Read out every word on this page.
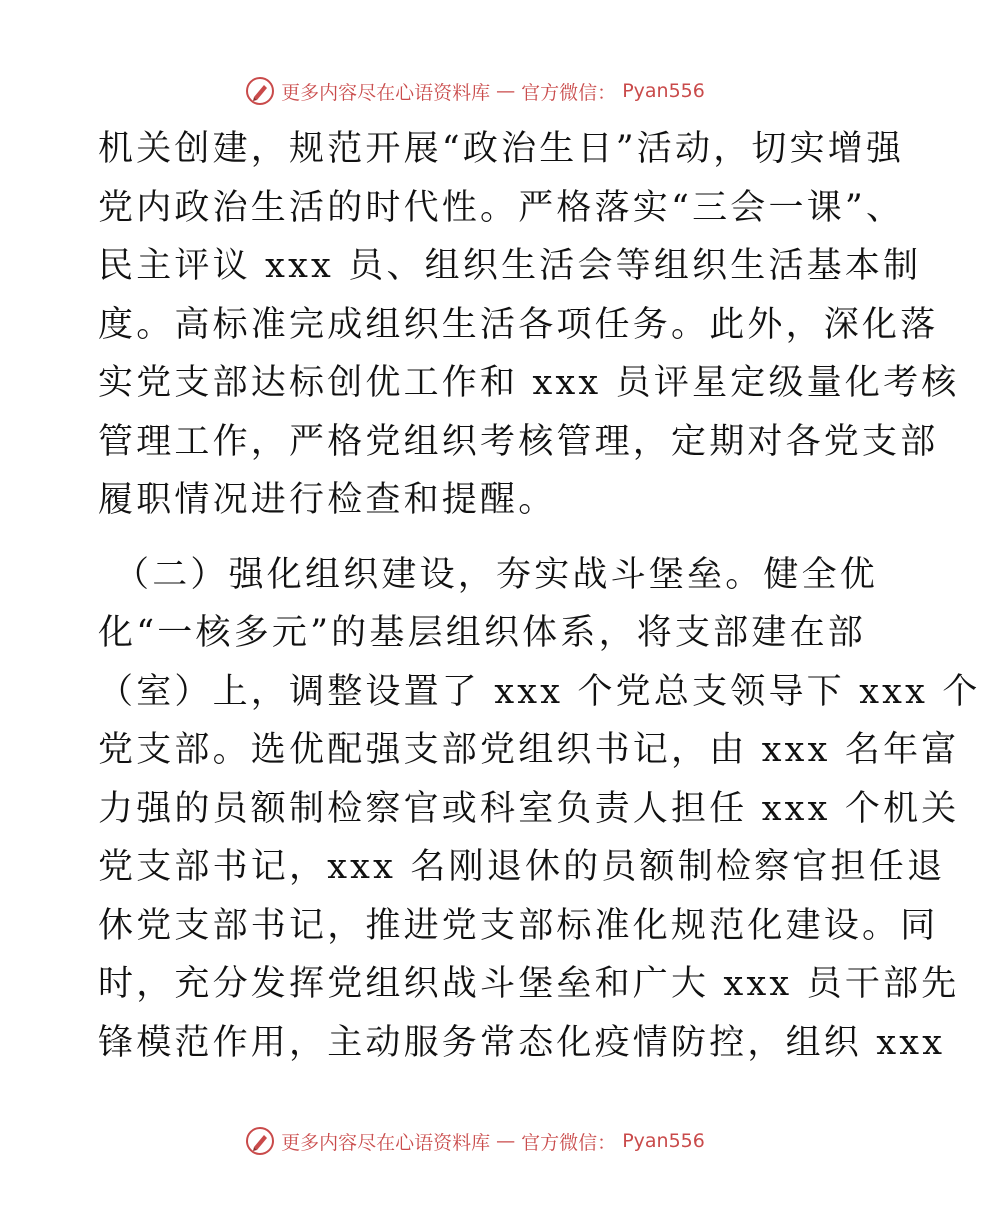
更多内容尽在心语资料库 — 官方微信： Pyan556
机关创建，规范开展“政治生日”活动，切实增强
党内政治生活的时代性。严格落实“三会一课”、
民主评议 xxx 员、组织生活会等组织生活基本制
度。高标准完成组织生活各项任务。此外，深化落
实党支部达标创优工作和 xxx 员评星定级量化考核
管理工作，严格党组织考核管理，定期对各党支部
履职情况进行检查和提醒。
（二）强化组织建设，夯实战斗堡垒。健全优
化“一核多元”的基层组织体系，将支部建在部
（室）上，调整设置了 xxx 个党总支领导下 xxx 个
党支部。选优配强支部党组织书记，由 xxx 名年富
力强的员额制检察官或科室负责人担任 xxx 个机关
党支部书记，xxx 名刚退休的员额制检察官担任退
休党支部书记，推进党支部标准化规范化建设。同
时，充分发挥党组织战斗堡垒和广大 xxx 员干部先
锋模范作用，主动服务常态化疫情防控，组织 xxx
更多内容尽在心语资料库 — 官方微信： Pyan556
